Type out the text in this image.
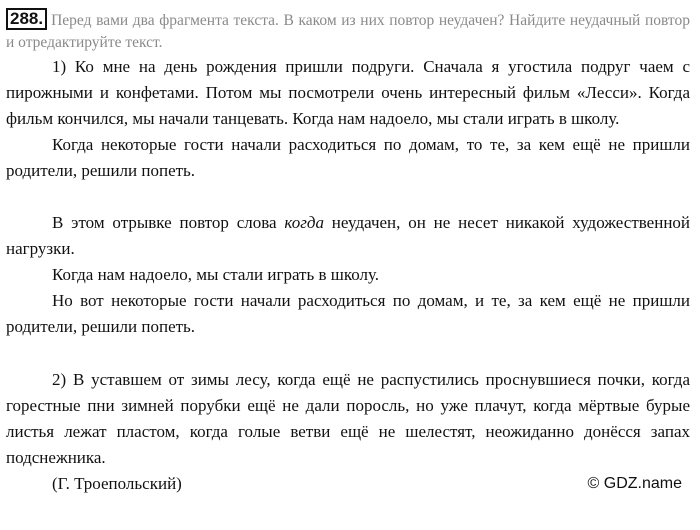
288. Перед вами два фрагмента текста. В каком из них повтор неудачен? Найдите неудачный повтор и отредактируйте текст.

1) Ко мне на день рождения пришли подруги. Сначала я угостила подруг чаем с пирожными и конфетами. Потом мы посмотрели очень интересный фильм «Лесси». Когда фильм кончился, мы начали танцевать. Когда нам надоело, мы стали играть в школу.

Когда некоторые гости начали расходиться по домам, то те, за кем ещё не пришли родители, решили попеть.

В этом отрывке повтор слова когда неудачен, он не несет никакой художественной нагрузки.

Когда нам надоело, мы стали играть в школу.

Но вот некоторые гости начали расходиться по домам, и те, за кем ещё не пришли родители, решили попеть.

2) В уставшем от зимы лесу, когда ещё не распустились проснувшиеся почки, когда горестные пни зимней порубки ещё не дали поросль, но уже плачут, когда мёртвые бурые листья лежат пластом, когда голые ветви ещё не шелестят, неожиданно донёсся запах подснежника.

(Г. Троепольский)	© GDZ.name
